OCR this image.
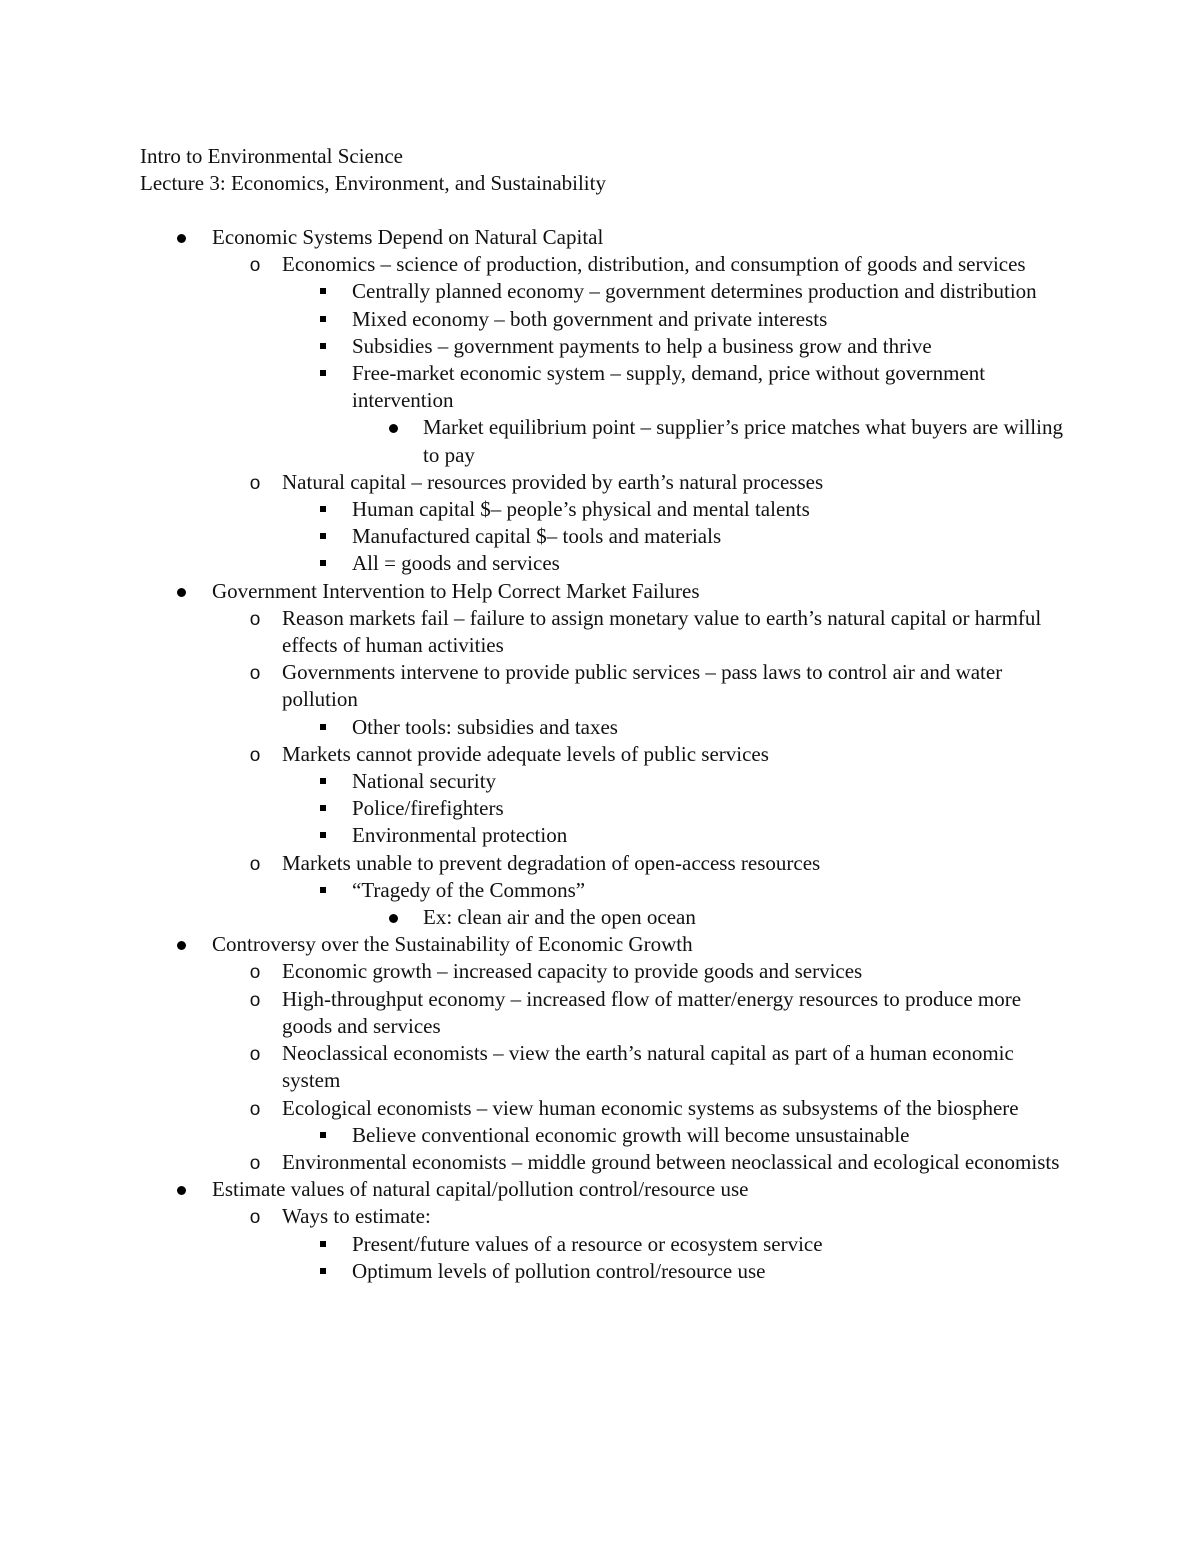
Intro to Environmental Science
Lecture 3: Economics, Environment, and Sustainability
Economic Systems Depend on Natural Capital
o Economics – science of production, distribution, and consumption of goods and services
Centrally planned economy – government determines production and distribution
Mixed economy – both government and private interests
Subsidies – government payments to help a business grow and thrive
Free-market economic system – supply, demand, price without government intervention
Market equilibrium point – supplier’s price matches what buyers are willing to pay
o Natural capital – resources provided by earth’s natural processes
Human capital $– people’s physical and mental talents
Manufactured capital $– tools and materials
All = goods and services
Government Intervention to Help Correct Market Failures
o Reason markets fail – failure to assign monetary value to earth’s natural capital or harmful effects of human activities
o Governments intervene to provide public services – pass laws to control air and water pollution
Other tools: subsidies and taxes
o Markets cannot provide adequate levels of public services
National security
Police/firefighters
Environmental protection
o Markets unable to prevent degradation of open-access resources
“Tragedy of the Commons”
Ex: clean air and the open ocean
Controversy over the Sustainability of Economic Growth
o Economic growth – increased capacity to provide goods and services
o High-throughput economy – increased flow of matter/energy resources to produce more goods and services
o Neoclassical economists – view the earth’s natural capital as part of a human economic system
o Ecological economists – view human economic systems as subsystems of the biosphere
Believe conventional economic growth will become unsustainable
o Environmental economists – middle ground between neoclassical and ecological economists
Estimate values of natural capital/pollution control/resource use
o Ways to estimate:
Present/future values of a resource or ecosystem service
Optimum levels of pollution control/resource use
